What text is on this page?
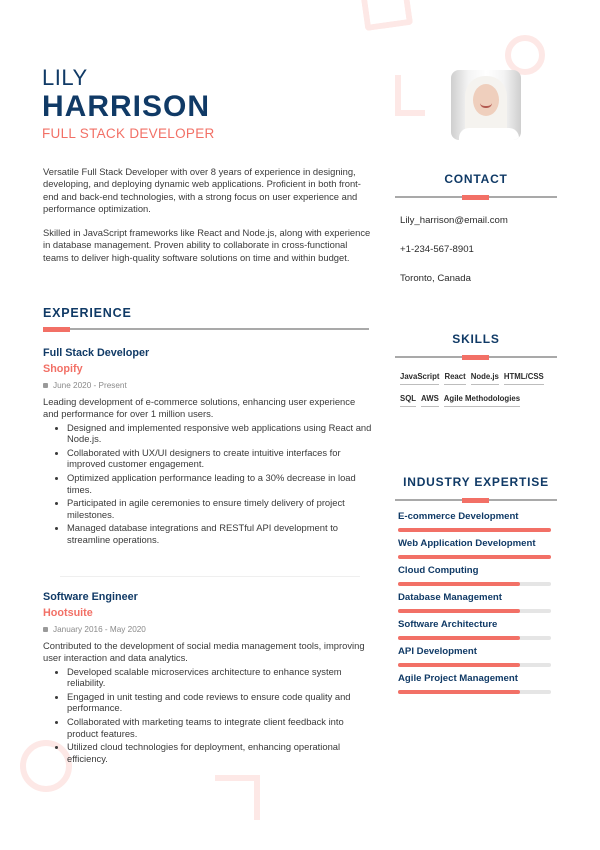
LILY
HARRISON
FULL STACK DEVELOPER

Versatile Full Stack Developer with over 8 years of experience in designing, developing, and deploying dynamic web applications. Proficient in both front-end and back-end technologies, with a strong focus on user experience and performance optimization.

Skilled in JavaScript frameworks like React and Node.js, along with experience in database management. Proven ability to collaborate in cross-functional teams to deliver high-quality software solutions on time and within budget.

EXPERIENCE
Full Stack Developer
Shopify
June 2020 - Present
Leading development of e-commerce solutions, enhancing user experience and performance for over 1 million users.
Designed and implemented responsive web applications using React and Node.js.
Collaborated with UX/UI designers to create intuitive interfaces for improved customer engagement.
Optimized application performance leading to a 30% decrease in load times.
Participated in agile ceremonies to ensure timely delivery of project milestones.
Managed database integrations and RESTful API development to streamline operations.
Software Engineer
Hootsuite
January 2016 - May 2020
Contributed to the development of social media management tools, improving user interaction and data analytics.
Developed scalable microservices architecture to enhance system reliability.
Engaged in unit testing and code reviews to ensure code quality and performance.
Collaborated with marketing teams to integrate client feedback into product features.
Utilized cloud technologies for deployment, enhancing operational efficiency.
CONTACT
Lily_harrison@email.com
+1-234-567-8901
Toronto, Canada
SKILLS
JavaScript React Node.js HTML/CSS
SQL AWS Agile Methodologies
INDUSTRY EXPERTISE
E-commerce Development
Web Application Development
Cloud Computing
Database Management
Software Architecture
API Development
Agile Project Management
